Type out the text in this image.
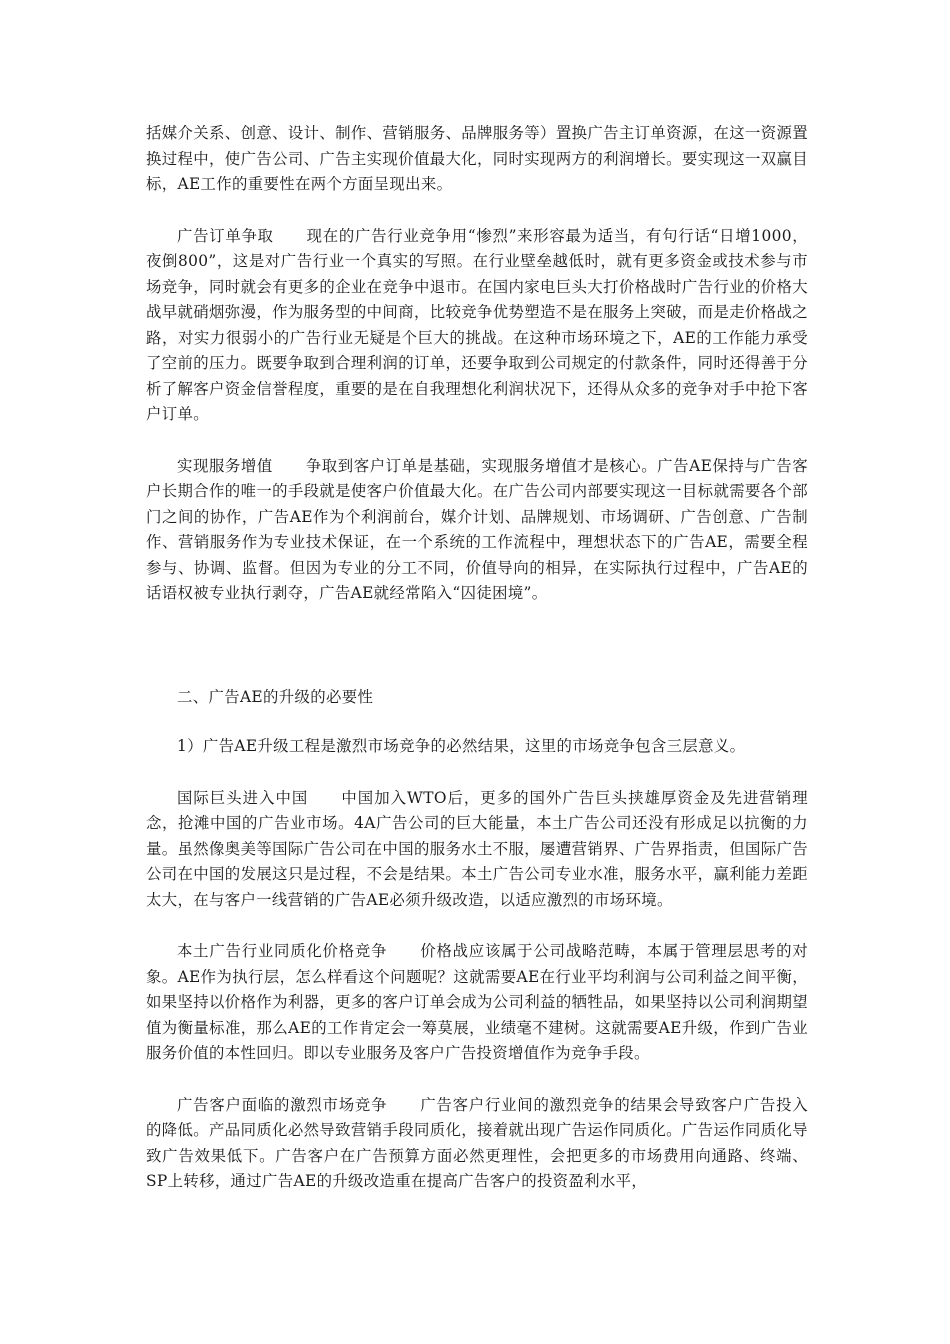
括媒介关系、创意、设计、制作、营销服务、品牌服务等）置换广告主订单资源，在这一资源置换过程中，使广告公司、广告主实现价值最大化，同时实现两方的利润增长。要实现这一双赢目标，AE工作的重要性在两个方面呈现出来。

广告订单争取 现在的广告行业竞争用“惨烈”来形容最为适当，有句行话“日增1000，夜倒800”，这是对广告行业一个真实的写照。在行业壁垒越低时，就有更多资金或技术参与市场竞争，同时就会有更多的企业在竞争中退市。在国内家电巨头大打价格战时广告行业的价格大战早就硝烟弥漫，作为服务型的中间商，比较竞争优势塑造不是在服务上突破，而是走价格战之路，对实力很弱小的广告行业无疑是个巨大的挑战。在这种市场环境之下，AE的工作能力承受了空前的压力。既要争取到合理利润的订单，还要争取到公司规定的付款条件，同时还得善于分析了解客户资金信誉程度，重要的是在自我理想化利润状况下，还得从众多的竞争对手中抢下客户订单。

实现服务增值 争取到客户订单是基础，实现服务增值才是核心。广告AE保持与广告客户长期合作的唯一的手段就是使客户价值最大化。在广告公司内部要实现这一目标就需要各个部门之间的协作，广告AE作为个利润前台，媒介计划、品牌规划、市场调研、广告创意、广告制作、营销服务作为专业技术保证，在一个系统的工作流程中，理想状态下的广告AE，需要全程参与、协调、监督。但因为专业的分工不同，价值导向的相异，在实际执行过程中，广告AE的话语权被专业执行剥夺，广告AE就经常陷入“囚徒困境”。

二、广告AE的升级的必要性

1）广告AE升级工程是激烈市场竞争的必然结果，这里的市场竞争包含三层意义。

国际巨头进入中国 中国加入WTO后，更多的国外广告巨头挟雄厚资金及先进营销理念，抢滩中国的广告业市场。4A广告公司的巨大能量，本土广告公司还没有形成足以抗衡的力量。虽然像奥美等国际广告公司在中国的服务水土不服，屡遭营销界、广告界指责，但国际广告公司在中国的发展这只是过程，不会是结果。本土广告公司专业水准，服务水平，赢利能力差距太大，在与客户一线营销的广告AE必须升级改造，以适应激烈的市场环境。

本土广告行业同质化价格竞争 价格战应该属于公司战略范畴，本属于管理层思考的对象。AE作为执行层，怎么样看这个问题呢？这就需要AE在行业平均利润与公司利益之间平衡，如果坚持以价格作为利器，更多的客户订单会成为公司利益的牺牲品，如果坚持以公司利润期望值为衡量标准，那么AE的工作肯定会一筹莫展，业绩毫不建树。这就需要AE升级，作到广告业服务价值的本性回归。即以专业服务及客户广告投资增值作为竞争手段。

广告客户面临的激烈市场竞争 广告客户行业间的激烈竞争的结果会导致客户广告投入的降低。产品同质化必然导致营销手段同质化，接着就出现广告运作同质化。广告运作同质化导致广告效果低下。广告客户在广告预算方面必然更理性，会把更多的市场费用向通路、终端、SP上转移，通过广告AE的升级改造重在提高广告客户的投资盈利水平，
